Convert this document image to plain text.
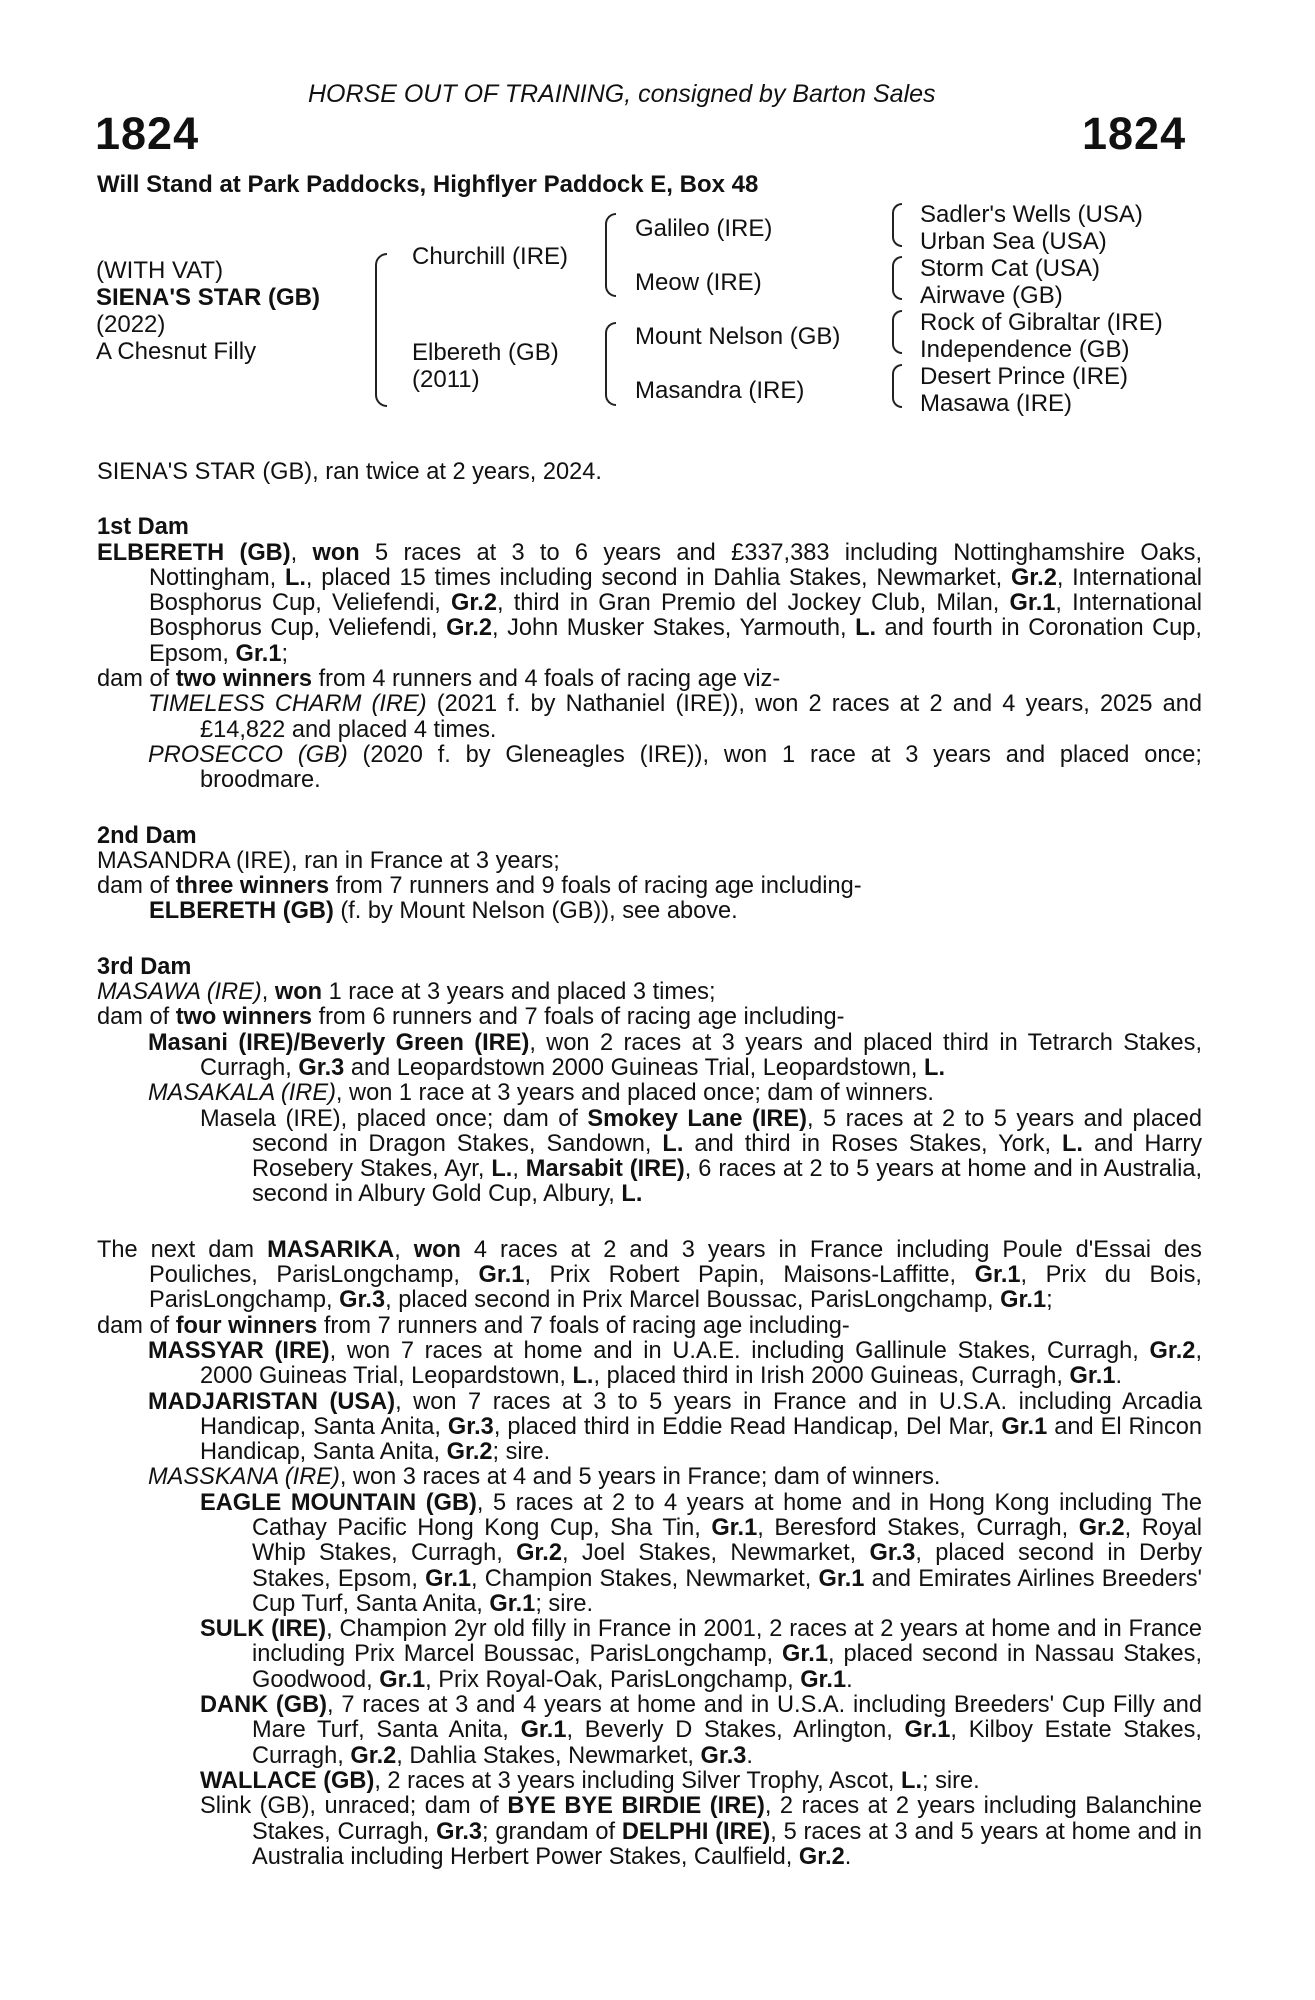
HORSE OUT OF TRAINING, consigned by Barton Sales
1824	1824
Will Stand at Park Paddocks, Highflyer Paddock E, Box 48
(WITH VAT)
SIENA'S STAR (GB)
(2022)
A Chesnut Filly
Churchill (IRE)
Elbereth (GB)
(2011)
Galileo (IRE)
Meow (IRE)
Mount Nelson (GB)
Masandra (IRE)
Sadler's Wells (USA)
Urban Sea (USA)
Storm Cat (USA)
Airwave (GB)
Rock of Gibraltar (IRE)
Independence (GB)
Desert Prince (IRE)
Masawa (IRE)

SIENA'S STAR (GB), ran twice at 2 years, 2024.

1st Dam

ELBERETH (GB), won 5 races at 3 to 6 years and £337,383 including Nottinghamshire Oaks, Nottingham, L., placed 15 times including second in Dahlia Stakes, Newmarket, Gr.2, International Bosphorus Cup, Veliefendi, Gr.2, third in Gran Premio del Jockey Club, Milan, Gr.1, International Bosphorus Cup, Veliefendi, Gr.2, John Musker Stakes, Yarmouth, L. and fourth in Coronation Cup, Epsom, Gr.1;

dam of two winners from 4 runners and 4 foals of racing age viz-

TIMELESS CHARM (IRE) (2021 f. by Nathaniel (IRE)), won 2 races at 2 and 4 years, 2025 and £14,822 and placed 4 times.

PROSECCO (GB) (2020 f. by Gleneagles (IRE)), won 1 race at 3 years and placed once; broodmare.

2nd Dam

MASANDRA (IRE), ran in France at 3 years;

dam of three winners from 7 runners and 9 foals of racing age including-

ELBERETH (GB) (f. by Mount Nelson (GB)), see above.

3rd Dam

MASAWA (IRE), won 1 race at 3 years and placed 3 times;

dam of two winners from 6 runners and 7 foals of racing age including-

Masani (IRE)/Beverly Green (IRE), won 2 races at 3 years and placed third in Tetrarch Stakes, Curragh, Gr.3 and Leopardstown 2000 Guineas Trial, Leopardstown, L.

MASAKALA (IRE), won 1 race at 3 years and placed once; dam of winners.

Masela (IRE), placed once; dam of Smokey Lane (IRE), 5 races at 2 to 5 years and placed second in Dragon Stakes, Sandown, L. and third in Roses Stakes, York, L. and Harry Rosebery Stakes, Ayr, L., Marsabit (IRE), 6 races at 2 to 5 years at home and in Australia, second in Albury Gold Cup, Albury, L.

The next dam MASARIKA, won 4 races at 2 and 3 years in France including Poule d'Essai des Pouliches, ParisLongchamp, Gr.1, Prix Robert Papin, Maisons-Laffitte, Gr.1, Prix du Bois, ParisLongchamp, Gr.3, placed second in Prix Marcel Boussac, ParisLongchamp, Gr.1;

dam of four winners from 7 runners and 7 foals of racing age including-

MASSYAR (IRE), won 7 races at home and in U.A.E. including Gallinule Stakes, Curragh, Gr.2, 2000 Guineas Trial, Leopardstown, L., placed third in Irish 2000 Guineas, Curragh, Gr.1.

MADJARISTAN (USA), won 7 races at 3 to 5 years in France and in U.S.A. including Arcadia Handicap, Santa Anita, Gr.3, placed third in Eddie Read Handicap, Del Mar, Gr.1 and El Rincon Handicap, Santa Anita, Gr.2; sire.

MASSKANA (IRE), won 3 races at 4 and 5 years in France; dam of winners.

EAGLE MOUNTAIN (GB), 5 races at 2 to 4 years at home and in Hong Kong including The Cathay Pacific Hong Kong Cup, Sha Tin, Gr.1, Beresford Stakes, Curragh, Gr.2, Royal Whip Stakes, Curragh, Gr.2, Joel Stakes, Newmarket, Gr.3, placed second in Derby Stakes, Epsom, Gr.1, Champion Stakes, Newmarket, Gr.1 and Emirates Airlines Breeders' Cup Turf, Santa Anita, Gr.1; sire.

SULK (IRE), Champion 2yr old filly in France in 2001, 2 races at 2 years at home and in France including Prix Marcel Boussac, ParisLongchamp, Gr.1, placed second in Nassau Stakes, Goodwood, Gr.1, Prix Royal-Oak, ParisLongchamp, Gr.1.

DANK (GB), 7 races at 3 and 4 years at home and in U.S.A. including Breeders' Cup Filly and Mare Turf, Santa Anita, Gr.1, Beverly D Stakes, Arlington, Gr.1, Kilboy Estate Stakes, Curragh, Gr.2, Dahlia Stakes, Newmarket, Gr.3.

WALLACE (GB), 2 races at 3 years including Silver Trophy, Ascot, L.; sire.

Slink (GB), unraced; dam of BYE BYE BIRDIE (IRE), 2 races at 2 years including Balanchine Stakes, Curragh, Gr.3; grandam of DELPHI (IRE), 5 races at 3 and 5 years at home and in Australia including Herbert Power Stakes, Caulfield, Gr.2.
